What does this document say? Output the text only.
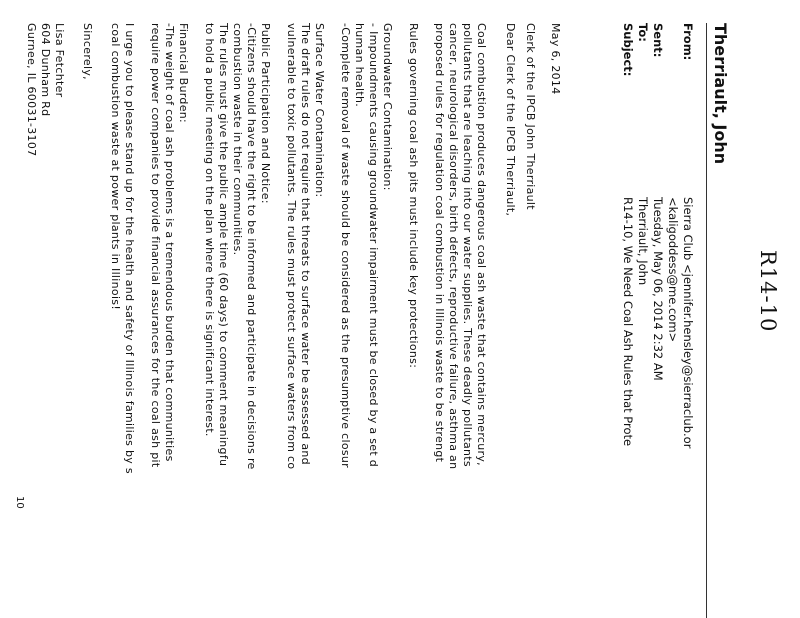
R14-10
Therriault, John
From:
Sierra Club <jennifer.hensley@sierraclub.or
<kaligoddess@me.com>
Sent:
Tuesday, May 06, 2014 2:32 AM
To:
Therriault, John
Subject:
R14-10, We Need Coal Ash Rules that Prote
May 6, 2014
Clerk of the IPCB John Therriault
Dear Clerk of the IPCB Therriault,
Coal combustion produces dangerous coal ash waste that contains mercury,
pollutants that are leaching into our water supplies. These deadly pollutants
cancer, neurological disorders, birth defects, reproductive failure, asthma an
proposed rules for regulation coal combustion in Illinois waste to be strengt
Rules governing coal ash pits must include key protections:
Groundwater Contamination:
- Impoundments causing groundwater impairment must be closed by a set d
human health.
-Complete removal of waste should be considered as the presumptive closur
Surface Water Contamination:
The draft rules do not require that threats to surface water be assessed and
vulnerable to toxic pollutants. The rules must protect surface waters from co
Public Participation and Notice:
-Citizens should have the right to be informed and participate in decisions re
combustion waste in their communities.
The rules must give the public ample time (60 days) to comment meaningfu
to hold a public meeting on the plan where there is significant interest.
Financial Burden:
-The weight of coal ash problems is a tremendous burden that communities
require power companies to provide financial assurances for the coal ash pit
I urge you to please stand up for the health and safety of Illinois families by s
coal combustion waste at power plants in Illinois!
Sincerely,
Lisa Fetchter
604 Dunham Rd
Gurnee, IL 60031-3107
10
